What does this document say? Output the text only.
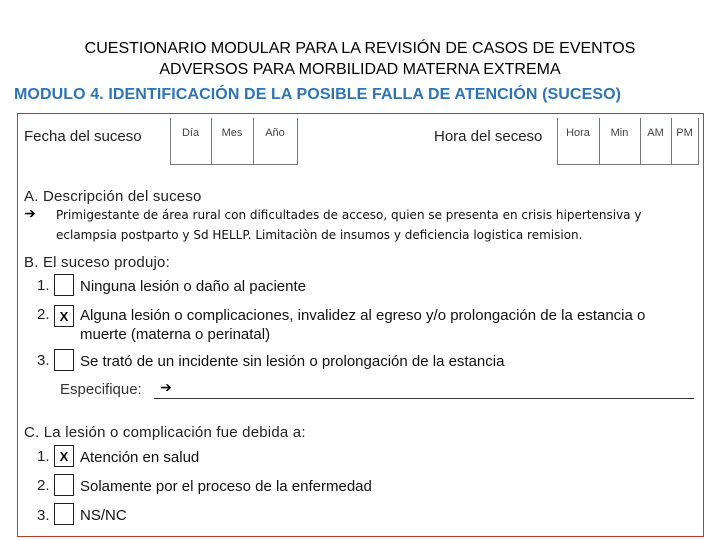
CUESTIONARIO MODULAR PARA LA REVISIÓN DE CASOS DE EVENTOS
ADVERSOS PARA MORBILIDAD MATERNA EXTREMA
MODULO 4. IDENTIFICACIÓN DE LA POSIBLE FALLA DE ATENCIÓN (SUCESO)
Fecha del suceso	Día	Mes	Año	Hora del seceso	Hora	Min	AM	PM
A. Descripción del suceso
➔ Primigestante de área rural con dificultades de acceso, quien se presenta en crisis hipertensiva y
eclampsia postparto y Sd HELLP. Limitaciòn de insumos y deficiencia logistica remision.
B. El suceso produjo:
1. Ninguna lesión o daño al paciente
2. X Alguna lesión o complicaciones, invalidez al egreso y/o prolongación de la estancia o
muerte (materna o perinatal)
3. Se trató de un incidente sin lesión o prolongación de la estancia
Especifique: ➔
C. La lesión o complicación fue debida a:
1. X Atención en salud
2. Solamente por el proceso de la enfermedad
3. NS/NC
